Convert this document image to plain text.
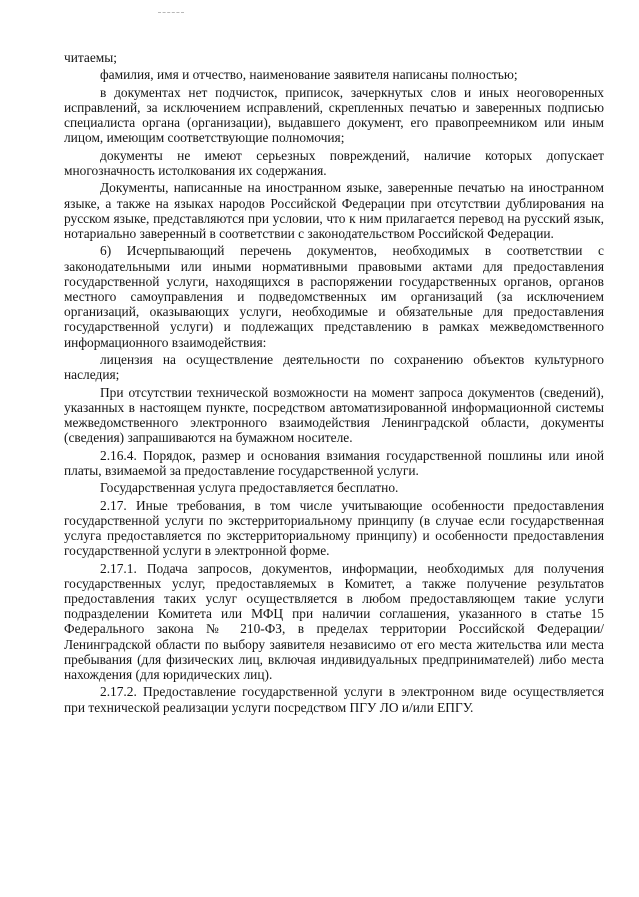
читаемы;

фамилия, имя и отчество, наименование заявителя написаны полностью;

в документах нет подчисток, приписок, зачеркнутых слов и иных неоговоренных исправлений, за исключением исправлений, скрепленных печатью и заверенных подписью специалиста органа (организации), выдавшего документ, его правопреемником или иным лицом, имеющим соответствующие полномочия;

документы не имеют серьезных повреждений, наличие которых допускает многозначность истолкования их содержания.

Документы, написанные на иностранном языке, заверенные печатью на иностранном языке, а также на языках народов Российской Федерации при отсутствии дублирования на русском языке, представляются при условии, что к ним прилагается перевод на русский язык, нотариально заверенный в соответствии с законодательством Российской Федерации.

6) Исчерпывающий перечень документов, необходимых в соответствии с законодательными или иными нормативными правовыми актами для предоставления государственной услуги, находящихся в распоряжении государственных органов, органов местного самоуправления и подведомственных им организаций (за исключением организаций, оказывающих услуги, необходимые и обязательные для предоставления государственной услуги) и подлежащих представлению в рамках межведомственного информационного взаимодействия:

лицензия на осуществление деятельности по сохранению объектов культурного наследия;

При отсутствии технической возможности на момент запроса документов (сведений), указанных в настоящем пункте, посредством автоматизированной информационной системы межведомственного электронного взаимодействия Ленинградской области, документы (сведения) запрашиваются на бумажном носителе.

2.16.4. Порядок, размер и основания взимания государственной пошлины или иной платы, взимаемой за предоставление государственной услуги.

Государственная услуга предоставляется бесплатно.

2.17. Иные требования, в том числе учитывающие особенности предоставления государственной услуги по экстерриториальному принципу (в случае если государственная услуга предоставляется по экстерриториальному принципу) и особенности предоставления государственной услуги в электронной форме.

2.17.1. Подача запросов, документов, информации, необходимых для получения государственных услуг, предоставляемых в Комитет, а также получение результатов предоставления таких услуг осуществляется в любом предоставляющем такие услуги подразделении Комитета или МФЦ при наличии соглашения, указанного в статье 15 Федерального закона № 210-ФЗ, в пределах территории Российской Федерации/Ленинградской области по выбору заявителя независимо от его места жительства или места пребывания (для физических лиц, включая индивидуальных предпринимателей) либо места нахождения (для юридических лиц).

2.17.2. Предоставление государственной услуги в электронном виде осуществляется при технической реализации услуги посредством ПГУ ЛО и/или ЕПГУ.
